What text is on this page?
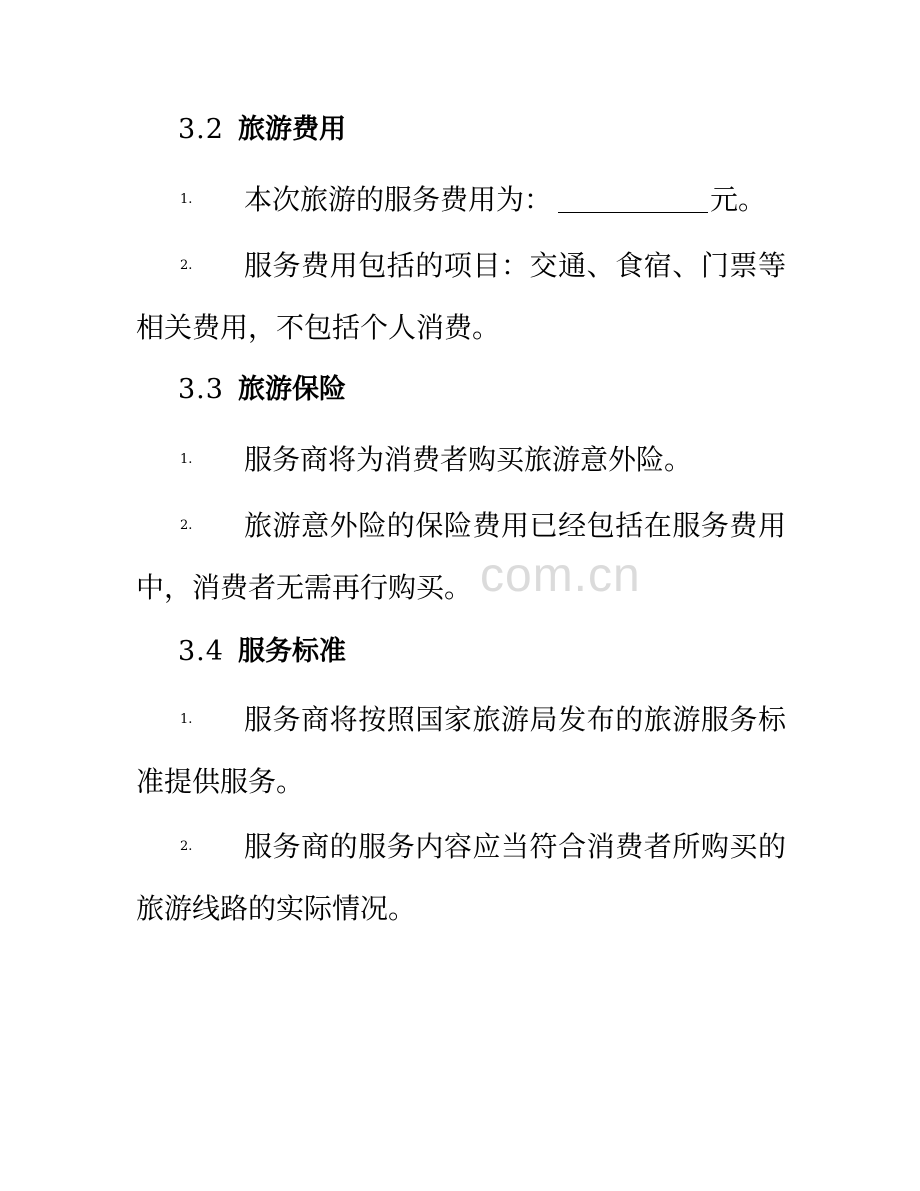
3.2 旅游费用
1. 本次旅游的服务费用为：	元。
2. 服务费用包括的项目：交通、食宿、门票等相关费用，不包括个人消费。
3.3 旅游保险
1. 服务商将为消费者购买旅游意外险。
2. 旅游意外险的保险费用已经包括在服务费用中，消费者无需再行购买。
3.4 服务标准
1. 服务商将按照国家旅游局发布的旅游服务标准提供服务。
2. 服务商的服务内容应当符合消费者所购买的旅游线路的实际情况。
com.cn
